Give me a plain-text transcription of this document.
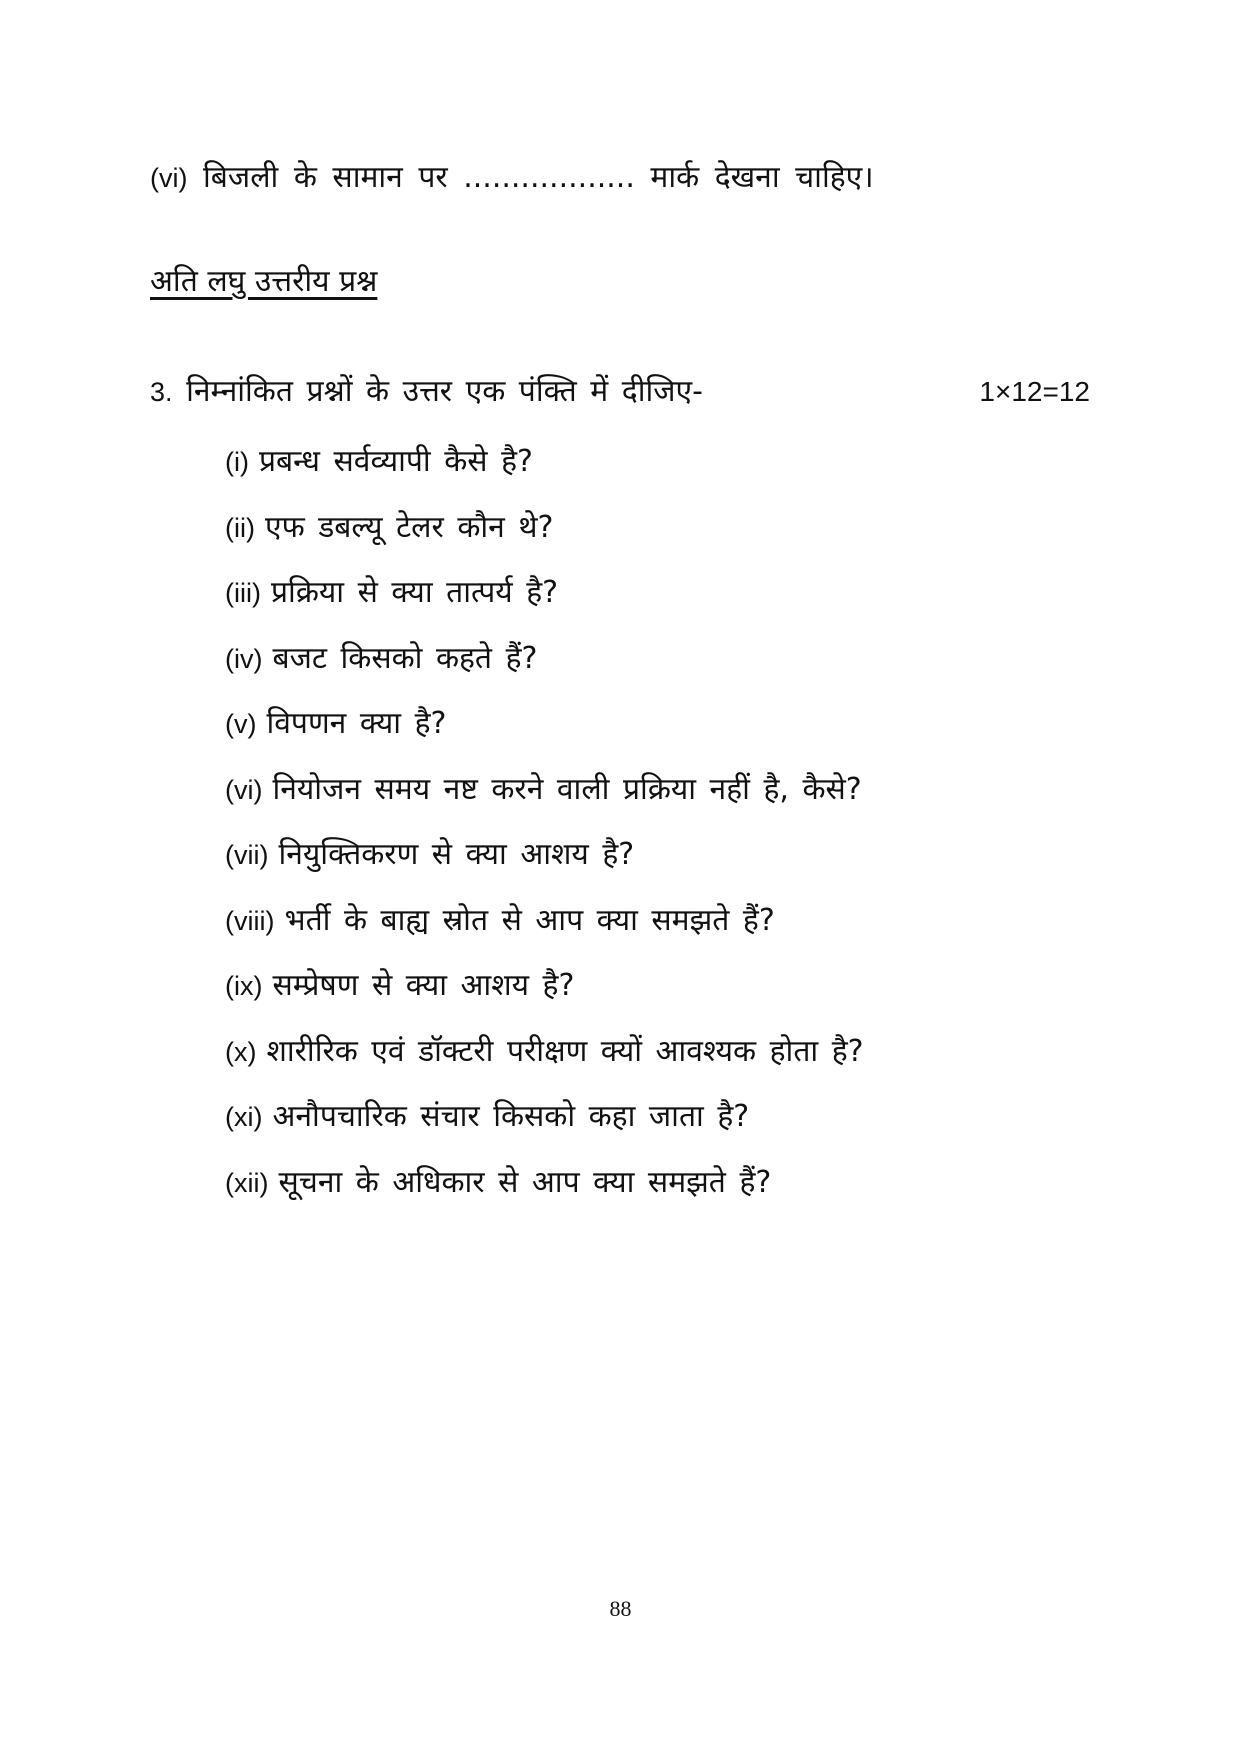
(vi) बिजली के सामान पर .................. मार्क देखना चाहिए।
अति लघु उत्तरीय प्रश्न
3. निम्नांकित प्रश्नों के उत्तर एक पंक्ति में दीजिए-	1×12=12
(i) प्रबन्ध सर्वव्यापी कैसे है?
(ii) एफ डबल्यू टेलर कौन थे?
(iii) प्रक्रिया से क्या तात्पर्य है?
(iv) बजट किसको कहते हैं?
(v) विपणन क्या है?
(vi) नियोजन समय नष्ट करने वाली प्रक्रिया नहीं है, कैसे?
(vii) नियुक्तिकरण से क्या आशय है?
(viii) भर्ती के बाह्य स्रोत से आप क्या समझते हैं?
(ix) सम्प्रेषण से क्या आशय है?
(x) शारीरिक एवं डॉक्टरी परीक्षण क्यों आवश्यक होता है?
(xi) अनौपचारिक संचार किसको कहा जाता है?
(xii) सूचना के अधिकार से आप क्या समझते हैं?
88
